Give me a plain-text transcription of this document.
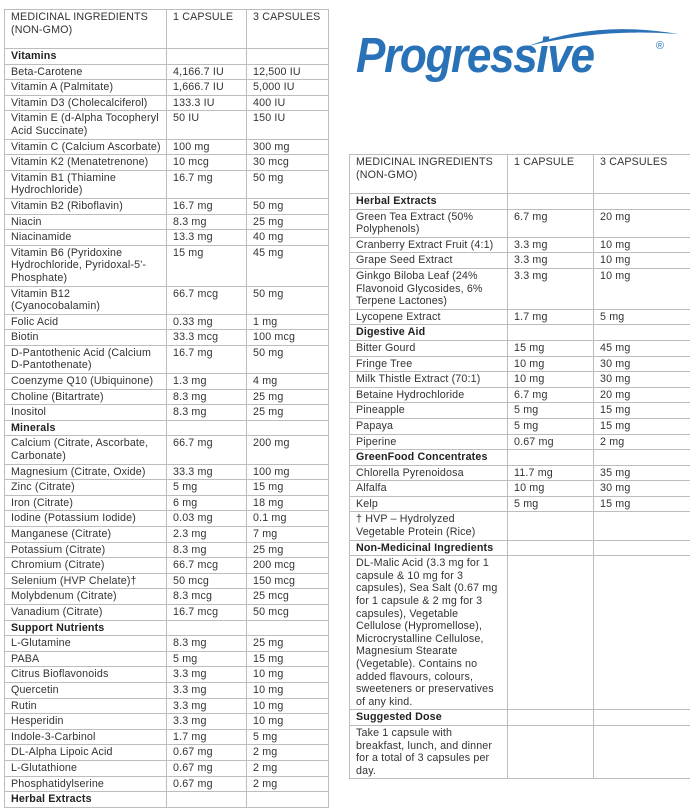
MEDICINAL INGREDIENTS (NON-GMO)	1 CAPSULE	3 CAPSULES
Vitamins		
Beta-Carotene	4,166.7 IU	12,500 IU
Vitamin A (Palmitate)	1,666.7 IU	5,000 IU
Vitamin D3 (Cholecalciferol)	133.3 IU	400 IU
Vitamin E (d-Alpha Tocopheryl Acid Succinate)	50 IU	150 IU
Vitamin C (Calcium Ascorbate)	100 mg	300 mg
Vitamin K2 (Menatetrenone)	10 mcg	30 mcg
Vitamin B1 (Thiamine Hydrochloride)	16.7 mg	50 mg
Vitamin B2 (Riboflavin)	16.7 mg	50 mg
Niacin	8.3 mg	25 mg
Niacinamide	13.3 mg	40 mg
Vitamin B6 (Pyridoxine Hydrochloride, Pyridoxal-5'-Phosphate)	15 mg	45 mg
Vitamin B12 (Cyanocobalamin)	66.7 mcg	50 mg
Folic Acid	0.33 mg	1 mg
Biotin	33.3 mcg	100 mcg
D-Pantothenic Acid (Calcium D-Pantothenate)	16.7 mg	50 mg
Coenzyme Q10 (Ubiquinone)	1.3 mg	4 mg
Choline (Bitartrate)	8.3 mg	25 mg
Inositol	8.3 mg	25 mg
Minerals		
Calcium (Citrate, Ascorbate, Carbonate)	66.7 mg	200 mg
Magnesium (Citrate, Oxide)	33.3 mg	100 mg
Zinc (Citrate)	5 mg	15 mg
Iron (Citrate)	6 mg	18 mg
Iodine (Potassium Iodide)	0.03 mg	0.1 mg
Manganese (Citrate)	2.3 mg	7 mg
Potassium (Citrate)	8.3 mg	25 mg
Chromium (Citrate)	66.7 mcg	200 mcg
Selenium (HVP Chelate)†	50 mcg	150 mcg
Molybdenum (Citrate)	8.3 mcg	25 mcg
Vanadium (Citrate)	16.7 mcg	50 mcg
Support Nutrients		
L-Glutamine	8.3 mg	25 mg
PABA	5 mg	15 mg
Citrus Bioflavonoids	3.3 mg	10 mg
Quercetin	3.3 mg	10 mg
Rutin	3.3 mg	10 mg
Hesperidin	3.3 mg	10 mg
Indole-3-Carbinol	1.7 mg	5 mg
DL-Alpha Lipoic Acid	0.67 mg	2 mg
L-Glutathione	0.67 mg	2 mg
Phosphatidylserine	0.67 mg	2 mg
Herbal Extracts		
Progressive	®
MEDICINAL INGREDIENTS (NON-GMO)	1 CAPSULE	3 CAPSULES
Herbal Extracts		
Green Tea Extract (50% Polyphenols)	6.7 mg	20 mg
Cranberry Extract Fruit (4:1)	3.3 mg	10 mg
Grape Seed Extract	3.3 mg	10 mg
Ginkgo Biloba Leaf (24% Flavonoid Glycosides, 6% Terpene Lactones)	3.3 mg	10 mg
Lycopene Extract	1.7 mg	5 mg
Digestive Aid		
Bitter Gourd	15 mg	45 mg
Fringe Tree	10 mg	30 mg
Milk Thistle Extract (70:1)	10 mg	30 mg
Betaine Hydrochloride	6.7 mg	20 mg
Pineapple	5 mg	15 mg
Papaya	5 mg	15 mg
Piperine	0.67 mg	2 mg
GreenFood Concentrates		
Chlorella Pyrenoidosa	11.7 mg	35 mg
Alfalfa	10 mg	30 mg
Kelp	5 mg	15 mg
† HVP – Hydrolyzed Vegetable Protein (Rice)		
Non-Medicinal Ingredients		
DL-Malic Acid (3.3 mg for 1 capsule & 10 mg for 3 capsules), Sea Salt (0.67 mg for 1 capsule & 2 mg for 3 capsules), Vegetable Cellulose (Hypromellose), Microcrystalline Cellulose, Magnesium Stearate (Vegetable). Contains no added flavours, colours, sweeteners or preservatives of any kind.		
Suggested Dose		
Take 1 capsule with breakfast, lunch, and dinner for a total of 3 capsules per day.		
